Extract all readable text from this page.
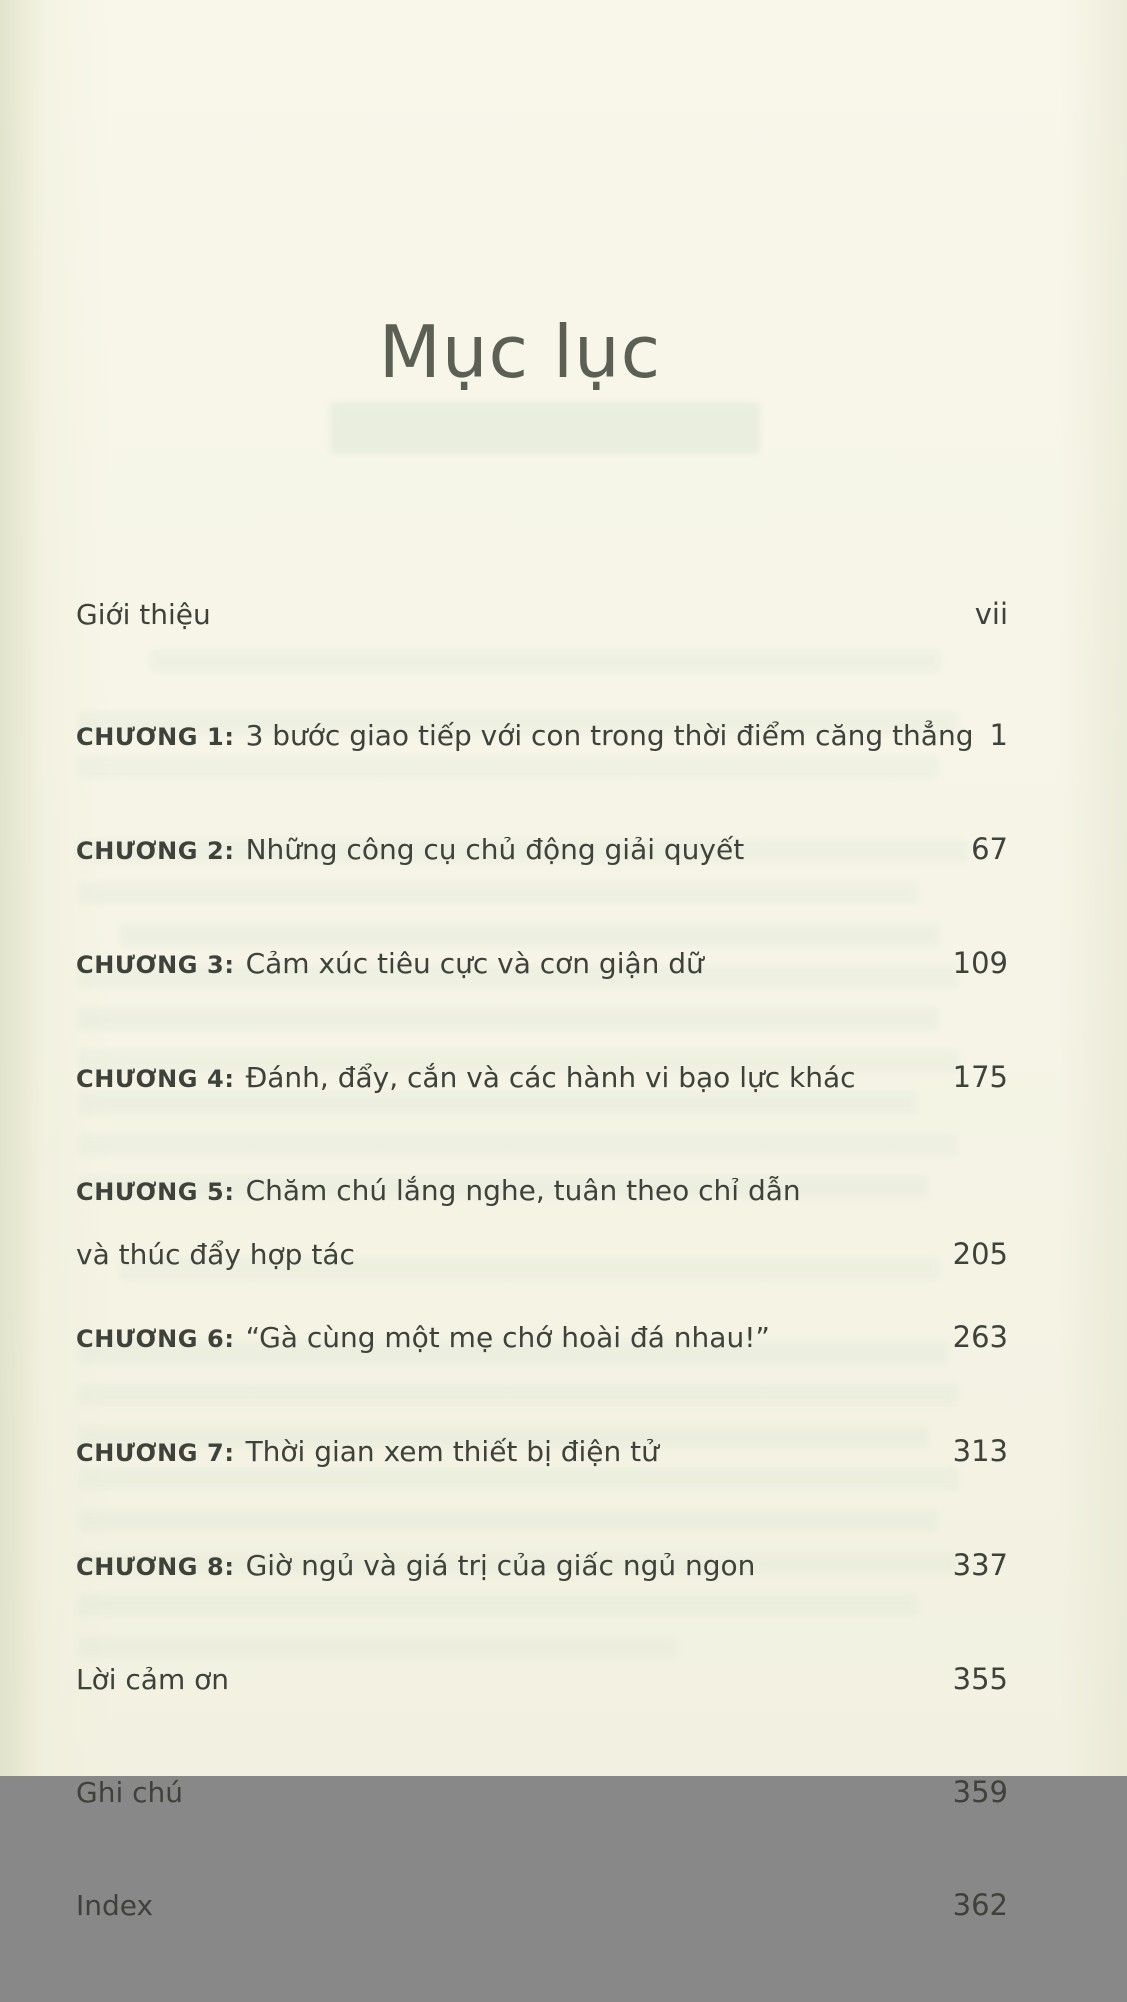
Mục lục
Giới thiệu	vii
CHƯƠNG 1: 3 bước giao tiếp với con trong thời điểm căng thẳng 1
CHƯƠNG 2: Những công cụ chủ động giải quyết	67
CHƯƠNG 3: Cảm xúc tiêu cực và cơn giận dữ	109
CHƯƠNG 4: Đánh, đẩy, cắn và các hành vi bạo lực khác	175
CHƯƠNG 5: Chăm chú lắng nghe, tuân theo chỉ dẫn
và thúc đẩy hợp tác	205
CHƯƠNG 6: “Gà cùng một mẹ chớ hoài đá nhau!”	263
CHƯƠNG 7: Thời gian xem thiết bị điện tử	313
CHƯƠNG 8: Giờ ngủ và giá trị của giấc ngủ ngon	337
Lời cảm ơn	355
Ghi chú	359
Index	362
